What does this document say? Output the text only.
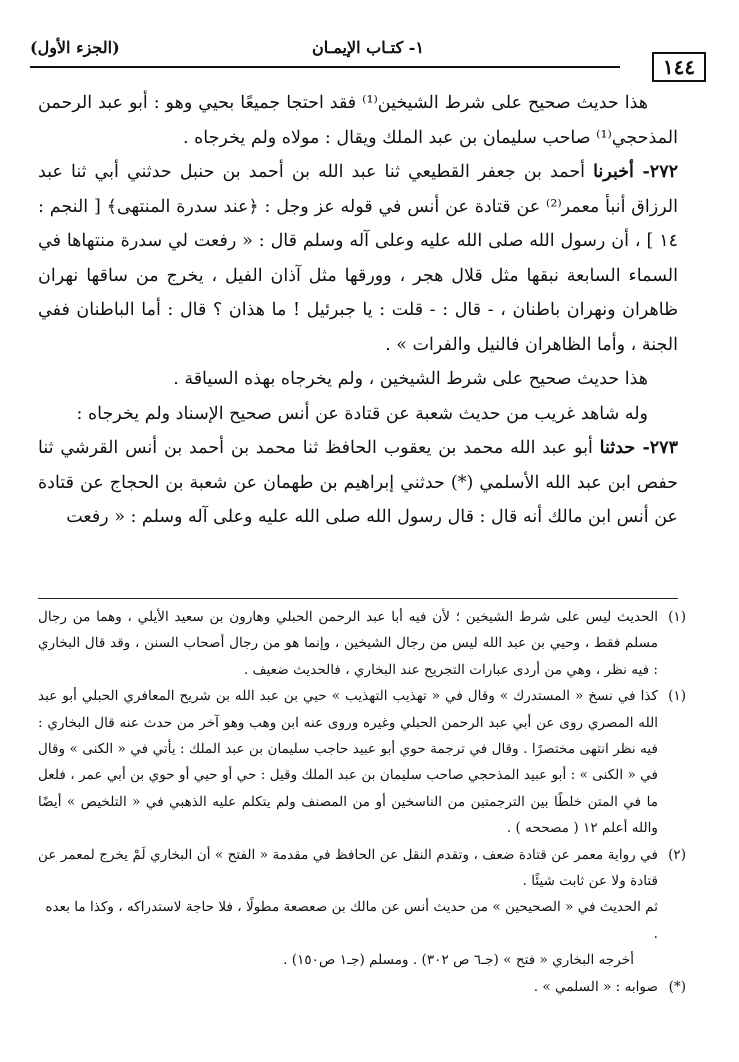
١٤٤
١- كتـاب الإيمـان
(الجزء الأول)

هذا حديث صحيح على شرط الشيخين⁽¹⁾ فقد احتجا جميعًا بحيي وهو : أبو عبد الرحمن المذحجي⁽¹⁾ صاحب سليمان بن عبد الملك ويقال : مولاه ولم يخرجاه .

٢٧٢- أخبرنا أحمد بن جعفر القطيعي ثنا عبد الله بن أحمد بن حنبل حدثني أبي ثنا عبد الرزاق أنبأ معمر⁽²⁾ عن قتادة عن أنس في قوله عز وجل : ﴿عند سدرة المنتهى﴾ [ النجم : ١٤ ] ، أن رسول الله صلى الله عليه وعلى آله وسلم قال : « رفعت لي سدرة منتهاها في السماء السابعة نبقها مثل قلال هجر ، وورقها مثل آذان الفيل ، يخرج من ساقها نهران ظاهران ونهران باطنان ، - قال : - قلت : يا جبرئيل ! ما هذان ؟ قال : أما الباطنان ففي الجنة ، وأما الظاهران فالنيل والفرات » .

هذا حديث صحيح على شرط الشيخين ، ولم يخرجاه بهذه السياقة .

وله شاهد غريب من حديث شعبة عن قتادة عن أنس صحيح الإسناد ولم يخرجاه :

٢٧٣- حدثنا أبو عبد الله محمد بن يعقوب الحافظ ثنا محمد بن أحمد بن أنس القرشي ثنا حفص ابن عبد الله الأسلمي (*) حدثني إبراهيم بن طهمان عن شعبة بن الحجاج عن قتادة عن أنس ابن مالك أنه قال : قال رسول الله صلى الله عليه وعلى آله وسلم : « رفعت

(١)
الحديث ليس على شرط الشيخين ؛ لأن فيه أبا عبد الرحمن الحبلي وهارون بن سعيد الأيلي ، وهما من رجال مسلم فقط ، وحيي بن عبد الله ليس من رجال الشيخين ، وإنما هو من رجال أصحاب السنن ، وقد قال البخاري : فيه نظر ، وهي من أردى عبارات التجريح عند البخاري ، فالحديث ضعيف .
(١)
كذا في نسخ « المستدرك » وقال في « تهذيب التهذيب » حيي بن عبد الله بن شريح المعافري الحبلي أبو عبد الله المصري روى عن أبي عبد الرحمن الحبلي وغيره وروى عنه ابن وهب وهو آخر من حدث عنه قال البخاري : فيه نظر انتهى مختصرًا . وقال في ترجمة حوي أبو عبيد حاجب سليمان بن عبد الملك : يأتي في « الكنى » وقال في « الكنى » : أبو عبيد المذحجي صاحب سليمان بن عبد الملك وقيل : حي أو حيي أو حوي بن أبي عمر ، فلعل ما في المتن خلطًا بين الترجمتين من الناسخين أو من المصنف ولم يتكلم عليه الذهبي في « التلخيص » أيضًا والله أعلم ١٢ ( مصححه ) .
(٢)
في رواية معمر عن قتادة ضعف ، وتقدم النقل عن الحافظ في مقدمة « الفتح » أن البخاري لَمْ يخرج لمعمر عن قتادة ولا عن ثابت شيئًا .
ثم الحديث في « الصحيحين » من حديث أنس عن مالك بن صعصعة مطولًا ، فلا حاجة لاستدراكه ، وكذا ما بعده .
أخرجه البخاري « فتح » (جـ٦ ص ٣٠٢) . ومسلم (جـ١ ص١٥٠) .
(*)
صوابه : « السلمي » .
